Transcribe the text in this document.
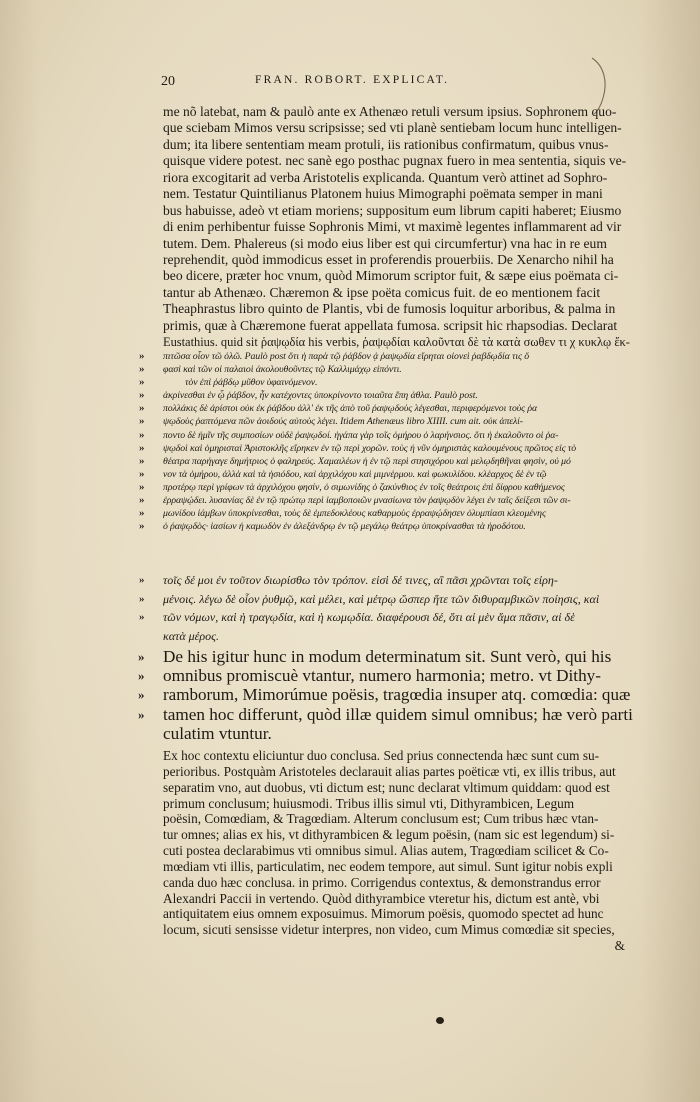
20	FRAN. ROBORT. EXPLICAT.
me nõ latebat, nam & paulò ante ex Athenæo retuli versum ipsius. Sophronem quo-
que sciebam Mimos versu scripsisse; sed vti planè sentiebam locum hunc intelligen-
dum; ita libere sententiam meam protuli, iis rationibus confirmatum, quibus vnus-
quisque videre potest. nec sanè ego posthac pugnax fuero in mea sententia, siquis ve-
riora excogitarit ad verba Aristotelis explicanda. Quantum verò attinet ad Sophro-
nem. Testatur Quintilianus Platonem huius Mimographi poëmata semper in mani
bus habuisse, adeò vt etiam moriens; suppositum eum librum capiti haberet; Eiusmo
di enim perhibentur fuisse Sophronis Mimi, vt maximè legentes inflammarent ad vir
tutem. Dem. Phalereus (si modo eius liber est qui circumfertur) vna hac in re eum
reprehendit, quòd immodicus esset in proferendis prouerbiis. De Xenarcho nihil ha
beo dicere, præter hoc vnum, quòd Mimorum scriptor fuit, & sæpe eius poëmata ci-
tantur ab Athenæo. Chæremon & ipse poëta comicus fuit. de eo mentionem facit
Theaphrastus libro quinto de Plantis, vbi de fumosis loquitur arboribus, & palma in
primis, quæ à Chæremone fuerat appellata fumosa. scripsit hic rhapsodias. Declarat
Eustathius. quid sit ῥαψῳδία his verbis, ῥαψῳδίαι καλοῦνται δὲ τὰ κατὰ σωθεν τι χ κυκλῳ ἔκ-
» πιτῶσα οἷον τῶ ὁλῶ. Paulò post ὅτι ἡ παρὰ τῷ ῥάβδον ᾀ ῥαψῳδία εἴρηται οἱονεὶ ῥαβδῳδία τις ὅ
» φασὶ καὶ τῶν οἱ παλαιοὶ ἀκολουθοῦντες τῷ Καλλιμάχῳ εἰπόντι.
»	τὸν ἐπὶ ῥάβδῳ μῦθον ὑφαινόμενον.
» ἀκρίνεσθαι ἐν ᾧ ῥάβδον, ἦν κατέχοντες ὑποκρίνοντο τοιαῦτα ἔπη ἀθλα. Paulò post.
» πολλάκις δὲ ἀρίστοι οὐκ ἐκ ῥάβδου ἀλλ' ἐκ τῆς ἀπὸ τοῦ ῥαψῳδοὺς λέγεσθαι, περιφερόμενοι τοὺς ῥα
» ψῳδοὺς ῥαπτόμενα πῶν ἀοιδούς αὐτοὺς λέγει. Itidem Athenæus libro XIIII. cum ait. οὐκ ἀπελί-
» ποντο δὲ ἡμῖν τῆς συμποσίων οὐδὲ ῥαψῳδοί. ἠγάπα γὰρ τοῖς ὁμήρου ὁ λαρήνσιος. ὅτι ἡ ἐκαλοῦντο οἱ ῥα-
» ψῳδοὶ καὶ ὁμηρισταὶ Ἀριστοκλῆς εἴρηκεν ἐν τῷ περὶ χορῶν. τοὺς ἡ νῦν ὁμηριστὰς καλουμένους πρῶτος εἰς τὸ
» θέατρα παρήγαγε δημήτριος ὁ φαληρεύς. Χαμαιλέων ἡ ἐν τῷ περὶ στησιχόρου καὶ μελῳδηθῆναι φησὶν, οὐ μό
» νον τὰ ὁμήρου, ἀλλὰ καὶ τὰ ἡσιόδου, καὶ ἀρχιλόχου καὶ μιμνέρμου. καὶ φωκυλίδου. κλέαρχος δὲ ἐν τῷ
» προτέρῳ περὶ γρίφων τὰ ἀρχιλόχου φησίν, ὁ σιμωνίδης ὁ ζακύνθιος ἐν τοῖς θεάτροις ἐπὶ δίφρου καθήμενος
» ἐρραψῴδει. λυσανίας δὲ ἐν τῷ πρώτῳ περὶ ἰαμβοποιῶν μνασίωνα τὸν ῥαψῳδὸν λέγει ἐν ταῖς δείξεσι τῶν σι-
» μωνίδου ἰάμβων ὑποκρίνεσθαι, τοὺς δὲ ἐμπεδοκλέους καθαρμοὺς ἐρραψῴδησεν ὀλυμπίασι κλεομένης
» ὁ ῥαψῳδὸς· ἰασίων ἡ καμωδὸν ἐν ἀλεξάνδρῳ ἐν τῷ μεγάλῳ θεάτρῳ ὑποκρίνασθαι τὰ ἡροδότου.
» τοῖς δέ μοι ἐν τοῦτον διωρίσθω τὸν τρόπον. εἰσὶ δέ τινες, αἳ πᾶσι χρῶνται τοῖς εἰρη-
» μένοις. λέγω δὲ οἷον ῥυθμῷ, καὶ μέλει, καὶ μέτρῳ ὥσπερ ἥτε τῶν διθυραμβικῶν ποίησις, καὶ
» τῶν νόμων, καὶ ἡ τραγῳδία, καὶ ἡ κωμῳδία. διαφέρουσι δέ, ὅτι αἱ μὲν ἅμα πᾶσιν, αἱ δὲ
κατὰ μέρος.
» De his igitur hunc in modum determinatum sit. Sunt verò, qui his
» omnibus promiscuè vtantur, numero harmonia; metro. vt Dithy-
» ramborum, Mimorúmue poësis, tragœdia insuper atq. comœdia: quæ
» tamen hoc differunt, quòd illæ quidem simul omnibus; hæ verò parti
culatim vtuntur.
Ex hoc contextu eliciuntur duo conclusa. Sed prius connectenda hæc sunt cum su-
perioribus. Postquàm Aristoteles declarauit alias partes poëticæ vti, ex illis tribus, aut
separatim vno, aut duobus, vti dictum est; nunc declarat vltimum quiddam: quod est
primum conclusum; huiusmodi. Tribus illis simul vti, Dithyrambicen, Legum
poësin, Comœdiam, & Tragœdiam. Alterum conclusum est; Cum tribus hæc vtan-
tur omnes; alias ex his, vt dithyrambicen & legum poësin, (nam sic est legendum) si-
cuti postea declarabimus vti omnibus simul. Alias autem, Tragœdiam scilicet & Co-
mœdiam vti illis, particulatim, nec eodem tempore, aut simul. Sunt igitur nobis expli
canda duo hæc conclusa. in primo. Corrigendus contextus, & demonstrandus error
Alexandri Paccii in vertendo. Quòd dithyrambice vteretur his, dictum est antè, vbi
antiquitatem eius omnem exposuimus. Mimorum poësis, quomodo spectet ad hunc
locum, sicuti sensisse videtur interpres, non video, cum Mimus comœdiæ sit species,
&
